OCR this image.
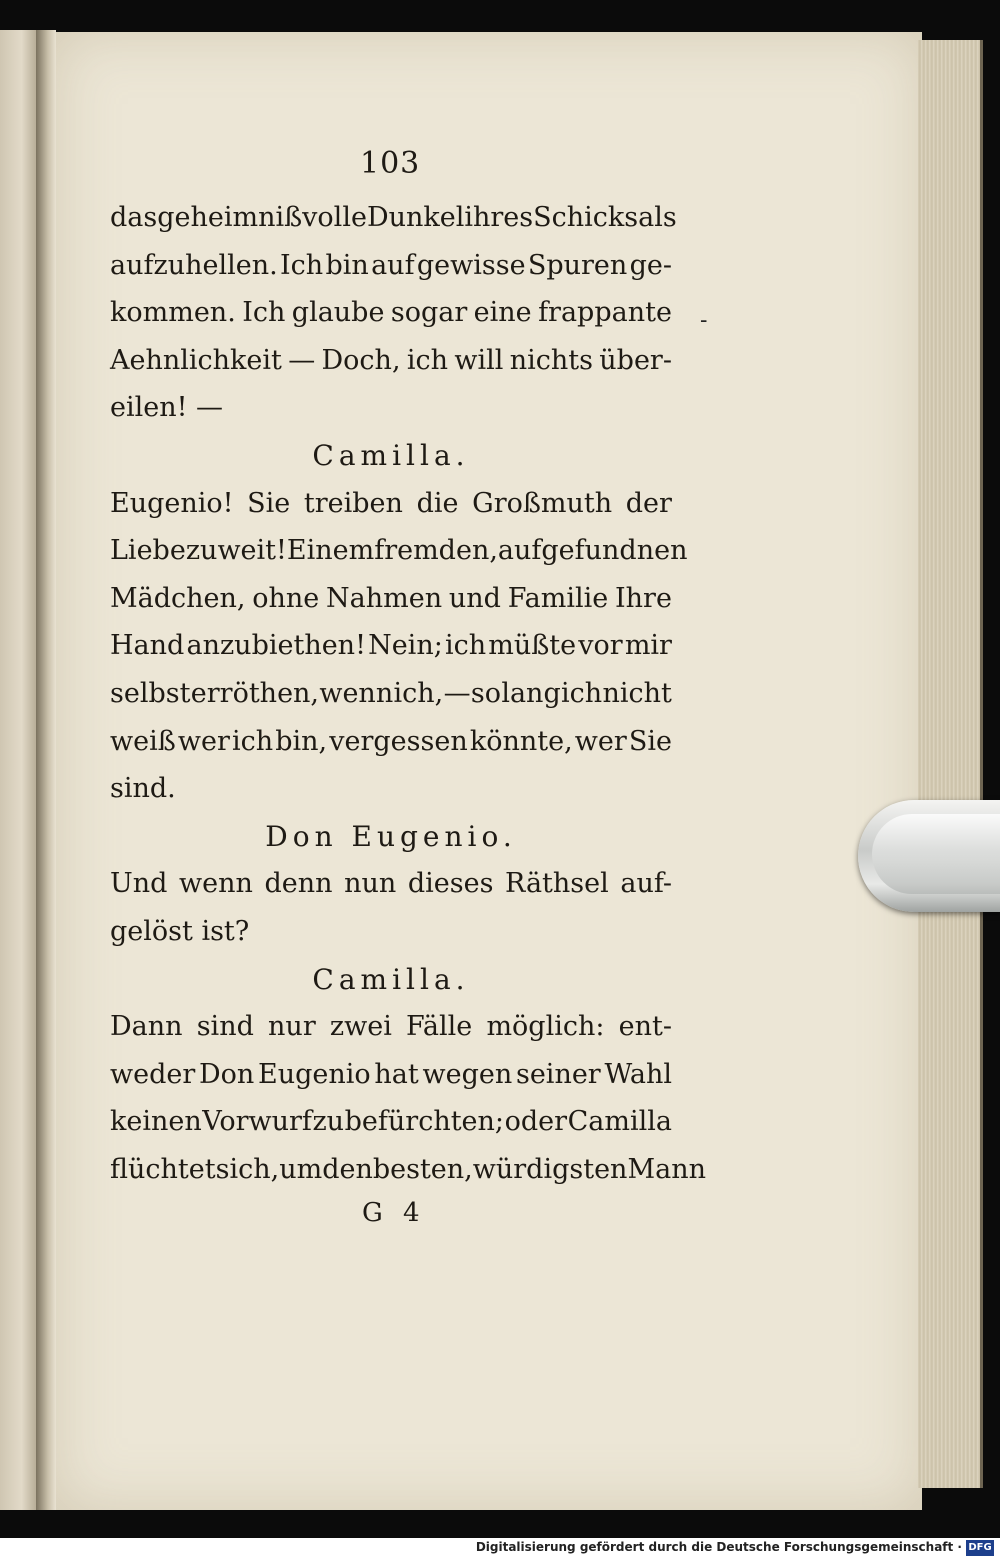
103
-
das geheimnißvolle Dunkel ihres Schicksals
aufzuhellen. Ich bin auf gewisse Spuren ge-
kommen. Ich glaube sogar eine frappante
Aehnlichkeit — Doch, ich will nichts über-
eilen! —
Camilla.
Eugenio! Sie treiben die Großmuth der
Liebe zu weit! Einem fremden, aufgefundnen
Mädchen, ohne Nahmen und Familie Ihre
Hand anzubiethen! Nein; ich müßte vor mir
selbst erröthen, wenn ich, — so lang ich nicht
weiß wer ich bin, vergessen könnte, wer Sie
sind.
Don Eugenio.
Und wenn denn nun dieses Räthsel auf-
gelöst ist?
Camilla.
Dann sind nur zwei Fälle möglich: ent-
weder Don Eugenio hat wegen seiner Wahl
keinen Vorwurf zu befürchten; oder Camilla
flüchtet sich, um den besten, würdigsten Mann
G 4
Digitalisierung gefördert durch die Deutsche Forschungsgemeinschaft · DFG
